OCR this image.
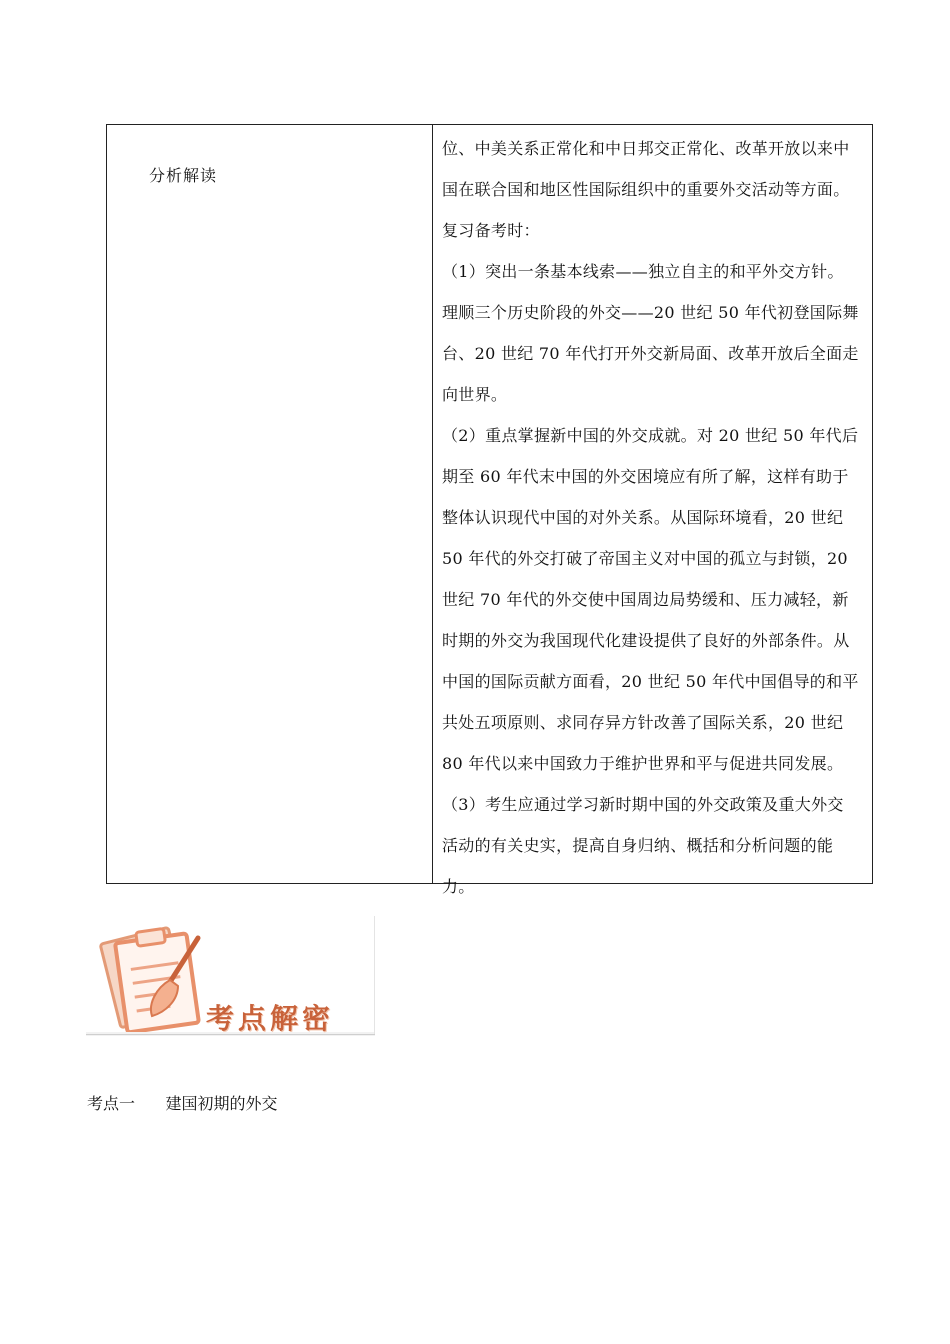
分析解读
位、中美关系正常化和中日邦交正常化、改革开放以来中
国在联合国和地区性国际组织中的重要外交活动等方面。
复习备考时：
（1）突出一条基本线索——独立自主的和平外交方针。
理顺三个历史阶段的外交——20 世纪 50 年代初登国际舞
台、20 世纪 70 年代打开外交新局面、改革开放后全面走
向世界。
（2）重点掌握新中国的外交成就。对 20 世纪 50 年代后
期至 60 年代末中国的外交困境应有所了解，这样有助于
整体认识现代中国的对外关系。从国际环境看，20 世纪
50 年代的外交打破了帝国主义对中国的孤立与封锁，20
世纪 70 年代的外交使中国周边局势缓和、压力减轻，新
时期的外交为我国现代化建设提供了良好的外部条件。从
中国的国际贡献方面看，20 世纪 50 年代中国倡导的和平
共处五项原则、求同存异方针改善了国际关系，20 世纪
80 年代以来中国致力于维护世界和平与促进共同发展。
（3）考生应通过学习新时期中国的外交政策及重大外交
活动的有关史实，提高自身归纳、概括和分析问题的能
力。
考点解密
考点一      建国初期的外交
